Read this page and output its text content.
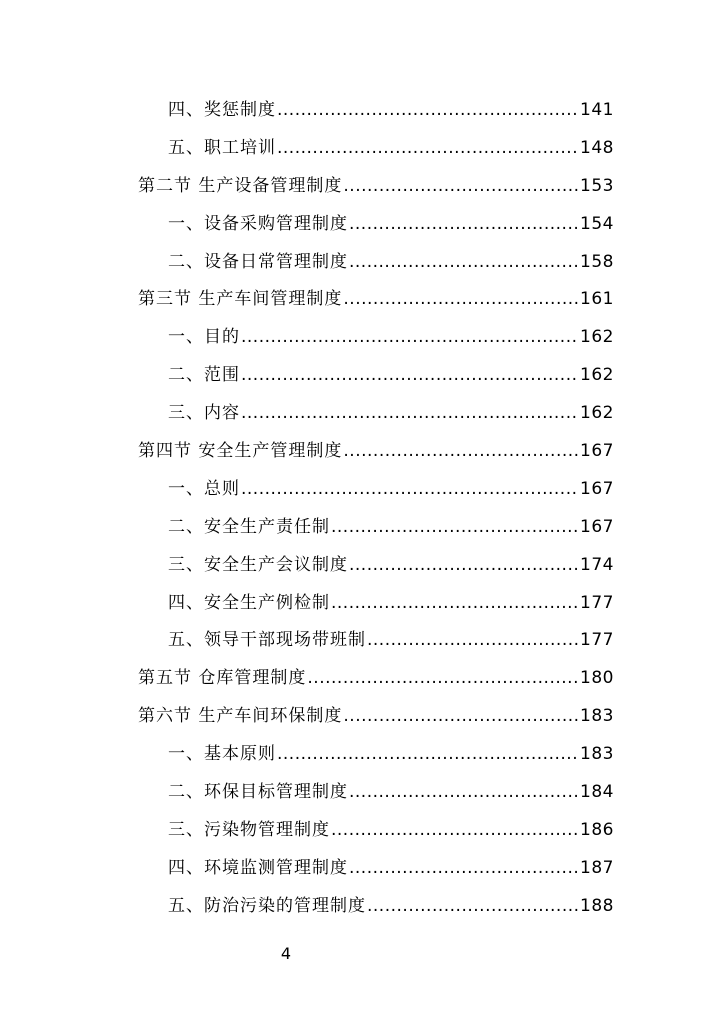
四、奖惩制度 .....	141
五、职工培训 .....	148
第二节 生产设备管理制度 .....	153
一、设备采购管理制度 .....	154
二、设备日常管理制度 .....	158
第三节 生产车间管理制度 .....	161
一、目的 .....	162
二、范围 .....	162
三、内容 .....	162
第四节 安全生产管理制度 .....	167
一、总则 .....	167
二、安全生产责任制 .....	167
三、安全生产会议制度 .....	174
四、安全生产例检制 .....	177
五、领导干部现场带班制 .....	177
第五节 仓库管理制度 .....	180
第六节 生产车间环保制度 .....	183
一、基本原则 .....	183
二、环保目标管理制度 .....	184
三、污染物管理制度 .....	186
四、环境监测管理制度 .....	187
五、防治污染的管理制度 .....	188
4
